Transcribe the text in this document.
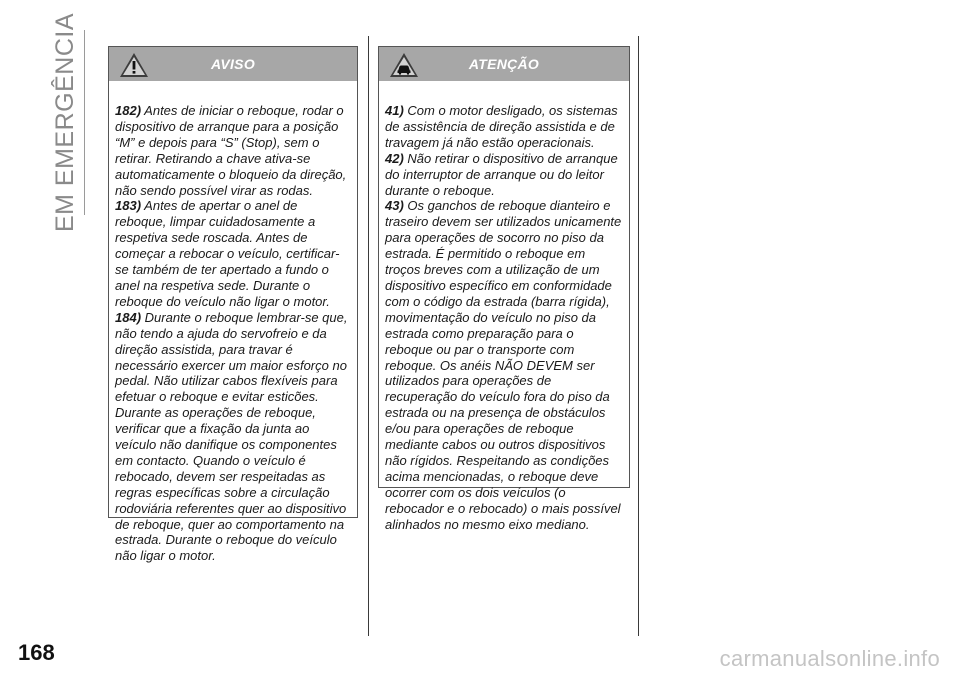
EM EMERGÊNCIA	AVISO

182) Antes de iniciar o reboque, rodar o dispositivo de arranque para a posição “M” e depois para “S” (Stop), sem o retirar. Retirando a chave ativa-se automaticamente o bloqueio da direção, não sendo possível virar as rodas.

183) Antes de apertar o anel de reboque, limpar cuidadosamente a respetiva sede roscada. Antes de começar a rebocar o veículo, certificar-se também de ter apertado a fundo o anel na respetiva sede. Durante o reboque do veículo não ligar o motor.

184) Durante o reboque lembrar-se que, não tendo a ajuda do servofreio e da direção assistida, para travar é necessário exercer um maior esforço no pedal. Não utilizar cabos flexíveis para efetuar o reboque e evitar esticões. Durante as operações de reboque, verificar que a fixação da junta ao veículo não danifique os componentes em contacto. Quando o veículo é rebocado, devem ser respeitadas as regras específicas sobre a circulação rodoviária referentes quer ao dispositivo de reboque, quer ao comportamento na estrada. Durante o reboque do veículo não ligar o motor.

ATENÇÃO

41) Com o motor desligado, os sistemas de assistência de direção assistida e de travagem já não estão operacionais.

42) Não retirar o dispositivo de arranque do interruptor de arranque ou do leitor durante o reboque.

43) Os ganchos de reboque dianteiro e traseiro devem ser utilizados unicamente para operações de socorro no piso da estrada. É permitido o reboque em troços breves com a utilização de um dispositivo específico em conformidade com o código da estrada (barra rígida), movimentação do veículo no piso da estrada como preparação para o reboque ou par o transporte com reboque. Os anéis NÃO DEVEM ser utilizados para operações de recuperação do veículo fora do piso da estrada ou na presença de obstáculos e/ou para operações de reboque mediante cabos ou outros dispositivos não rígidos. Respeitando as condições acima mencionadas, o reboque deve ocorrer com os dois veículos (o rebocador e o rebocado) o mais possível alinhados no mesmo eixo mediano.

168	carmanualsonline.info
